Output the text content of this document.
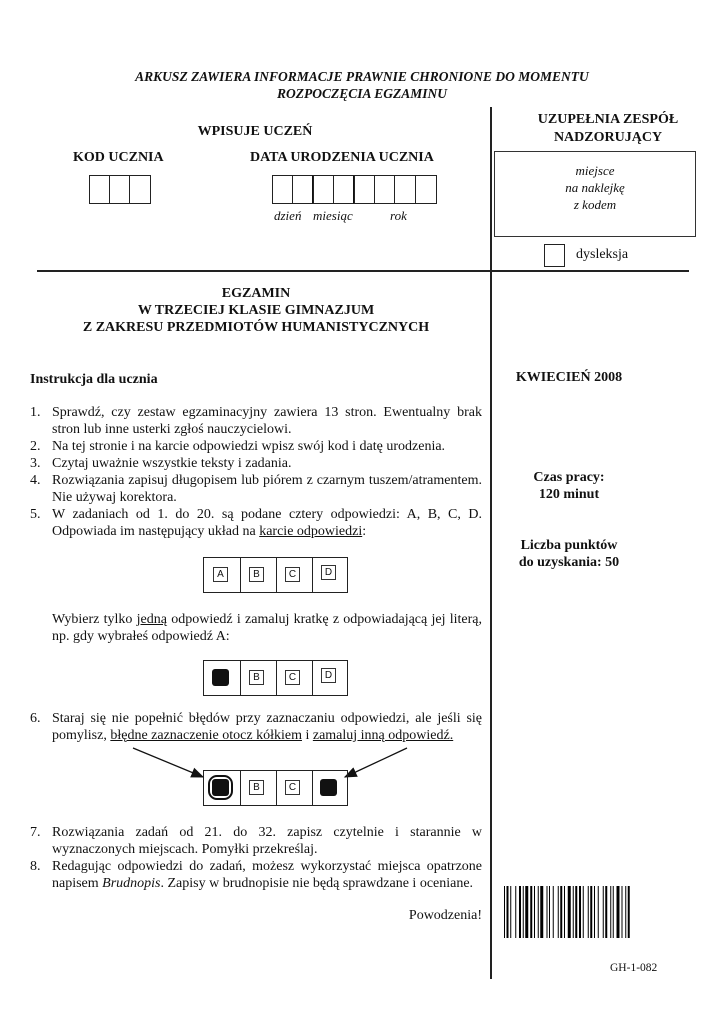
ARKUSZ ZAWIERA INFORMACJE PRAWNIE CHRONIONE DO MOMENTU
ROZPOCZĘCIA EGZAMINU
WPISUJE UCZEŃ
KOD UCZNIA	DATA URODZENIA UCZNIA
dzień miesiąc	rok
UZUPEŁNIA ZESPÓŁ
NADZORUJĄCY
miejsce
na naklejkę
z kodem
dysleksja
EGZAMIN
W TRZECIEJ KLASIE GIMNAZJUM
Z ZAKRESU PRZEDMIOTÓW HUMANISTYCZNYCH
KWIECIEŃ 2008
Czas pracy:
120 minut
Liczba punktów
do uzyskania: 50
GH-1-082
Instrukcja dla ucznia
1. Sprawdź, czy zestaw egzaminacyjny zawiera 13 stron. Ewentualny brak stron lub inne usterki zgłoś nauczycielowi.
2. Na tej stronie i na karcie odpowiedzi wpisz swój kod i datę urodzenia.
3. Czytaj uważnie wszystkie teksty i zadania.
4. Rozwiązania zapisuj długopisem lub piórem z czarnym tuszem/atramentem. Nie używaj korektora.
5. W zadaniach od 1. do 20. są podane cztery odpowiedzi: A, B, C, D. Odpowiada im następujący układ na karcie odpowiedzi:
A	B	C	D
Wybierz tylko jedną odpowiedź i zamaluj kratkę z odpowiadającą jej literą, np. gdy wybrałeś odpowiedź A:
B	C	D
6. Staraj się nie popełnić błędów przy zaznaczaniu odpowiedzi, ale jeśli się pomylisz, błędne zaznaczenie otocz kółkiem i zamaluj inną odpowiedź.
B	C
7. Rozwiązania zadań od 21. do 32. zapisz czytelnie i starannie w wyznaczonych miejscach. Pomyłki przekreślaj.
8. Redagując odpowiedzi do zadań, możesz wykorzystać miejsca opatrzone napisem Brudnopis. Zapisy w brudnopisie nie będą sprawdzane i oceniane.
Powodzenia!
